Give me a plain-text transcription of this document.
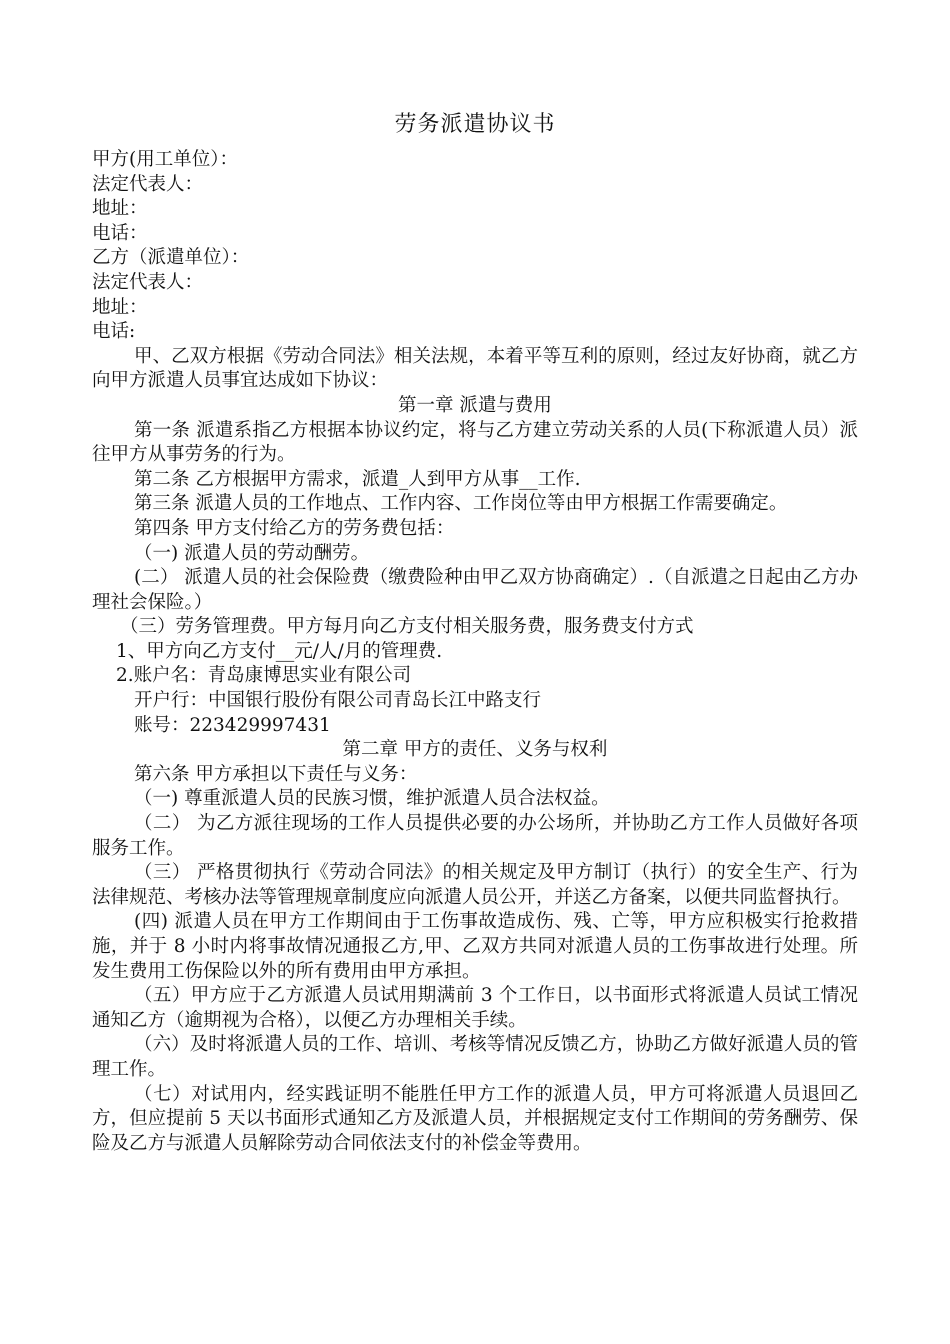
劳务派遣协议书

甲方(用工单位）：

法定代表人：

地址：

电话：

乙方（派遣单位）：

法定代表人：

地址：

电话:

甲、乙双方根据《劳动合同法》相关法规，本着平等互利的原则，经过友好协商，就乙方向甲方派遣人员事宜达成如下协议：

第一章 派遣与费用

第一条 派遣系指乙方根据本协议约定，将与乙方建立劳动关系的人员(下称派遣人员）派往甲方从事劳务的行为。

第二条 乙方根据甲方需求，派遣_人到甲方从事__工作.

第三条 派遣人员的工作地点、工作内容、工作岗位等由甲方根据工作需要确定。

第四条 甲方支付给乙方的劳务费包括：

（一) 派遣人员的劳动酬劳。

(二） 派遣人员的社会保险费（缴费险种由甲乙双方协商确定）.（自派遣之日起由乙方办理社会保险。）

（三）劳务管理费。甲方每月向乙方支付相关服务费，服务费支付方式

1、甲方向乙方支付__元/人/月的管理费.

2.账户名：青岛康博思实业有限公司

开户行：中国银行股份有限公司青岛长江中路支行

账号：223429997431

第二章 甲方的责任、义务与权利

第六条 甲方承担以下责任与义务：

（一) 尊重派遣人员的民族习惯，维护派遣人员合法权益。

（二） 为乙方派往现场的工作人员提供必要的办公场所，并协助乙方工作人员做好各项服务工作。

（三） 严格贯彻执行《劳动合同法》的相关规定及甲方制订（执行）的安全生产、行为法律规范、考核办法等管理规章制度应向派遣人员公开，并送乙方备案，以便共同监督执行。

(四) 派遣人员在甲方工作期间由于工伤事故造成伤、残、亡等，甲方应积极实行抢救措施，并于 8 小时内将事故情况通报乙方,甲、乙双方共同对派遣人员的工伤事故进行处理。所发生费用工伤保险以外的所有费用由甲方承担。

（五）甲方应于乙方派遣人员试用期满前 3 个工作日，以书面形式将派遣人员试工情况通知乙方（逾期视为合格），以便乙方办理相关手续。

（六）及时将派遣人员的工作、培训、考核等情况反馈乙方，协助乙方做好派遣人员的管理工作。

（七）对试用内，经实践证明不能胜任甲方工作的派遣人员，甲方可将派遣人员退回乙方，但应提前 5 天以书面形式通知乙方及派遣人员，并根据规定支付工作期间的劳务酬劳、保险及乙方与派遣人员解除劳动合同依法支付的补偿金等费用。
